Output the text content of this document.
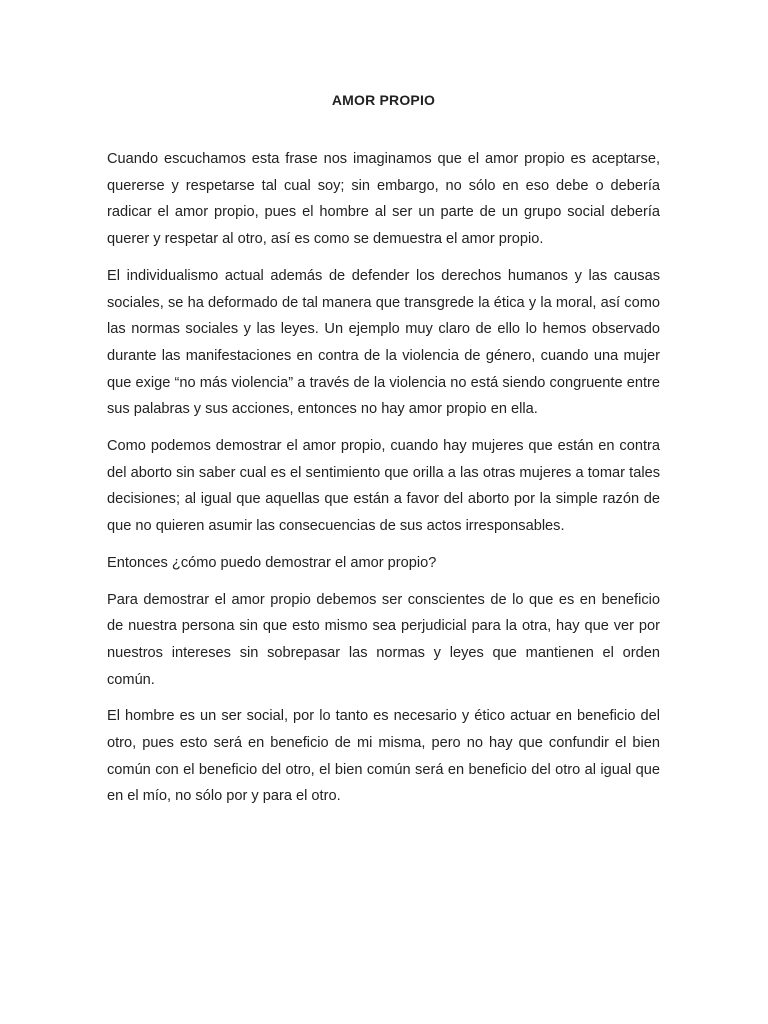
AMOR PROPIO

Cuando escuchamos esta frase nos imaginamos que el amor propio es aceptarse, quererse y respetarse tal cual soy; sin embargo, no sólo en eso debe o debería radicar el amor propio, pues el hombre al ser un parte de un grupo social debería querer y respetar al otro, así es como se demuestra el amor propio.

El individualismo actual además de defender los derechos humanos y las causas sociales, se ha deformado de tal manera que transgrede la ética y la moral, así como las normas sociales y las leyes. Un ejemplo muy claro de ello lo hemos observado durante las manifestaciones en contra de la violencia de género, cuando una mujer que exige “no más violencia” a través de la violencia no está siendo congruente entre sus palabras y sus acciones, entonces no hay amor propio en ella.

Como podemos demostrar el amor propio, cuando hay mujeres que están en contra del aborto sin saber cual es el sentimiento que orilla a las otras mujeres a tomar tales decisiones; al igual que aquellas que están a favor del aborto por la simple razón de que no quieren asumir las consecuencias de sus actos irresponsables.

Entonces ¿cómo puedo demostrar el amor propio?

Para demostrar el amor propio debemos ser conscientes de lo que es en beneficio de nuestra persona sin que esto mismo sea perjudicial para la otra, hay que ver por nuestros intereses sin sobrepasar las normas y leyes que mantienen el orden común.

El hombre es un ser social, por lo tanto es necesario y ético actuar en beneficio del otro, pues esto será en beneficio de mi misma, pero no hay que confundir el bien común con el beneficio del otro, el bien común será en beneficio del otro al igual que en el mío, no sólo por y para el otro.
